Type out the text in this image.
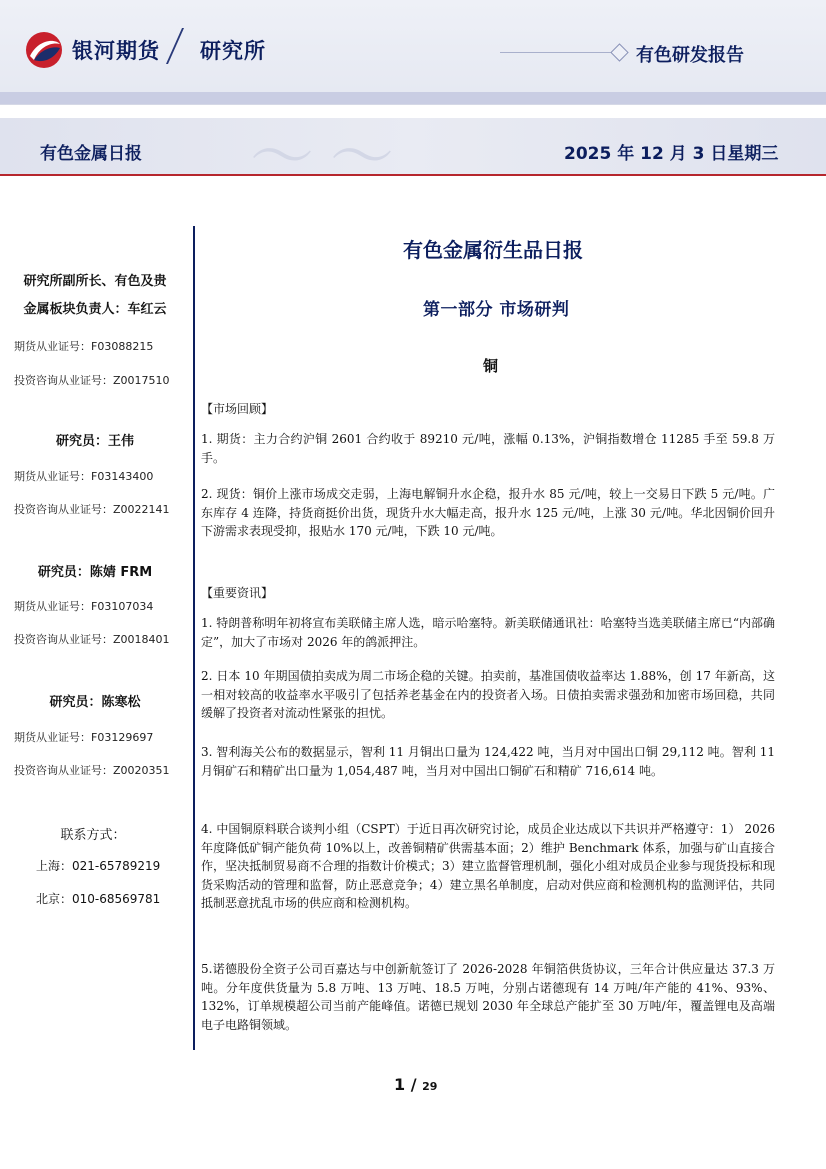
银河期货 研究所	有色研发报告
〜 〜
有色金属日报	2025 年 12 月 3 日星期三
研究所副所长、有色及贵
金属板块负责人：车红云
期货从业证号：F03088215
投资咨询从业证号：Z0017510
研究员：王伟
期货从业证号：F03143400
投资咨询从业证号：Z0022141
研究员：陈婧 FRM
期货从业证号：F03107034
投资咨询从业证号：Z0018401
研究员：陈寒松
期货从业证号：F03129697
投资咨询从业证号：Z0020351
联系方式：
上海：021-65789219
北京：010-68569781
有色金属衍生品日报
第一部分 市场研判
铜
【市场回顾】
1. 期货：主力合约沪铜 2601 合约收于 89210 元/吨，涨幅 0.13%，沪铜指数增仓 11285 手至 59.8 万手。
2. 现货：铜价上涨市场成交走弱，上海电解铜升水企稳，报升水 85 元/吨，较上一交易日下跌 5 元/吨。广东库存 4 连降，持货商挺价出货，现货升水大幅走高，报升水 125 元/吨，上涨 30 元/吨。华北因铜价回升下游需求表现受抑，报贴水 170 元/吨，下跌 10 元/吨。
【重要资讯】
1. 特朗普称明年初将宣布美联储主席人选，暗示哈塞特。新美联储通讯社：哈塞特当选美联储主席已“内部确定”，加大了市场对 2026 年的鸽派押注。
2. 日本 10 年期国债拍卖成为周二市场企稳的关键。拍卖前，基准国债收益率达 1.88%，创 17 年新高，这一相对较高的收益率水平吸引了包括养老基金在内的投资者入场。日债拍卖需求强劲和加密市场回稳，共同缓解了投资者对流动性紧张的担忧。
3. 智利海关公布的数据显示，智利 11 月铜出口量为 124,422 吨，当月对中国出口铜 29,112 吨。智利 11 月铜矿石和精矿出口量为 1,054,487 吨，当月对中国出口铜矿石和精矿 716,614 吨。
4. 中国铜原料联合谈判小组（CSPT）于近日再次研究讨论，成员企业达成以下共识并严格遵守：1） 2026 年度降低矿铜产能负荷 10%以上，改善铜精矿供需基本面；2）维护 Benchmark 体系，加强与矿山直接合作，坚决抵制贸易商不合理的指数计价模式；3）建立监督管理机制，强化小组对成员企业参与现货投标和现货采购活动的管理和监督，防止恶意竞争；4）建立黑名单制度，启动对供应商和检测机构的监测评估，共同抵制恶意扰乱市场的供应商和检测机构。
5.诺德股份全资子公司百嘉达与中创新航签订了 2026-2028 年铜箔供货协议，三年合计供应量达 37.3 万吨。分年度供货量为 5.8 万吨、13 万吨、18.5 万吨，分别占诺德现有 14 万吨/年产能的 41%、93%、132%，订单规模超公司当前产能峰值。诺德已规划 2030 年全球总产能扩至 30 万吨/年，覆盖锂电及高端电子电路铜领域。
1 / 29
